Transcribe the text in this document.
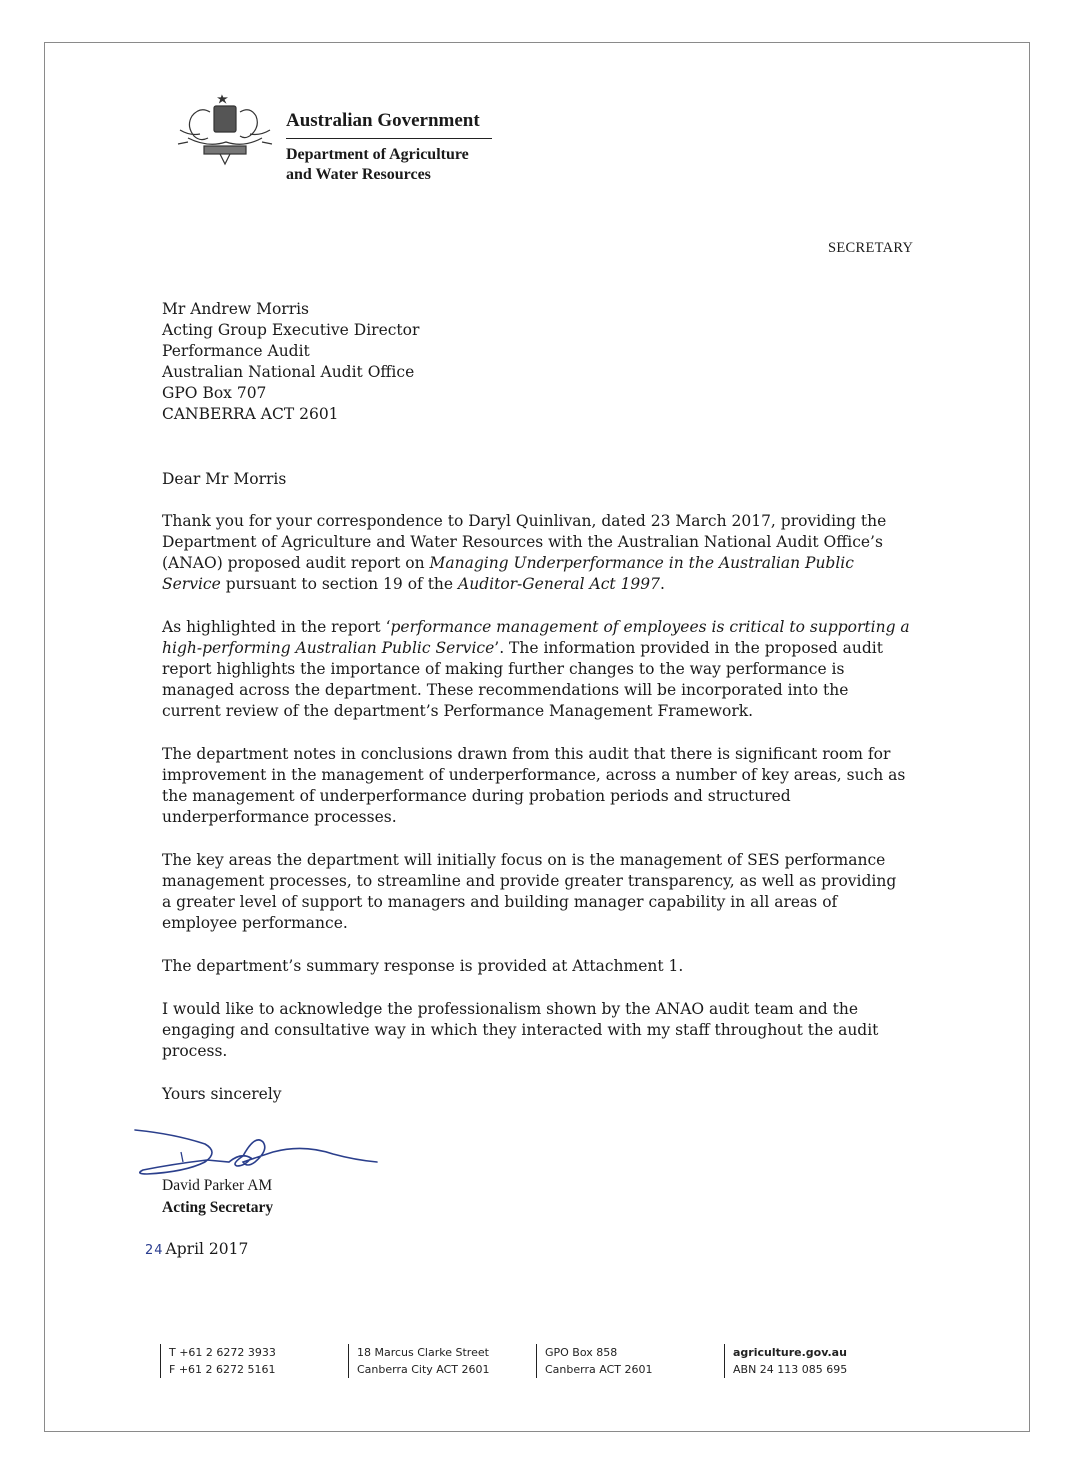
Australian Government
Department of Agriculture
and Water Resources
SECRETARY
Mr Andrew Morris
Acting Group Executive Director
Performance Audit
Australian National Audit Office
GPO Box 707
CANBERRA ACT 2601
Dear Mr Morris

Thank you for your correspondence to Daryl Quinlivan, dated 23 March 2017, providing the Department of Agriculture and Water Resources with the Australian National Audit Office’s (ANAO) proposed audit report on Managing Underperformance in the Australian Public Service pursuant to section 19 of the Auditor-General Act 1997.

As highlighted in the report ‘performance management of employees is critical to supporting a high-performing Australian Public Service’. The information provided in the proposed audit report highlights the importance of making further changes to the way performance is managed across the department. These recommendations will be incorporated into the current review of the department’s Performance Management Framework.

The department notes in conclusions drawn from this audit that there is significant room for improvement in the management of underperformance, across a number of key areas, such as the management of underperformance during probation periods and structured underperformance processes.

The key areas the department will initially focus on is the management of SES performance management processes, to streamline and provide greater transparency, as well as providing a greater level of support to managers and building manager capability in all areas of employee performance.

The department’s summary response is provided at Attachment 1.

I would like to acknowledge the professionalism shown by the ANAO audit team and the engaging and consultative way in which they interacted with my staff throughout the audit process.

Yours sincerely

David Parker AM
Acting Secretary
24 April 2017
T +61 2 6272 3933
F +61 2 6272 5161
18 Marcus Clarke Street
Canberra City ACT 2601
GPO Box 858
Canberra ACT 2601
agriculture.gov.au
ABN 24 113 085 695
